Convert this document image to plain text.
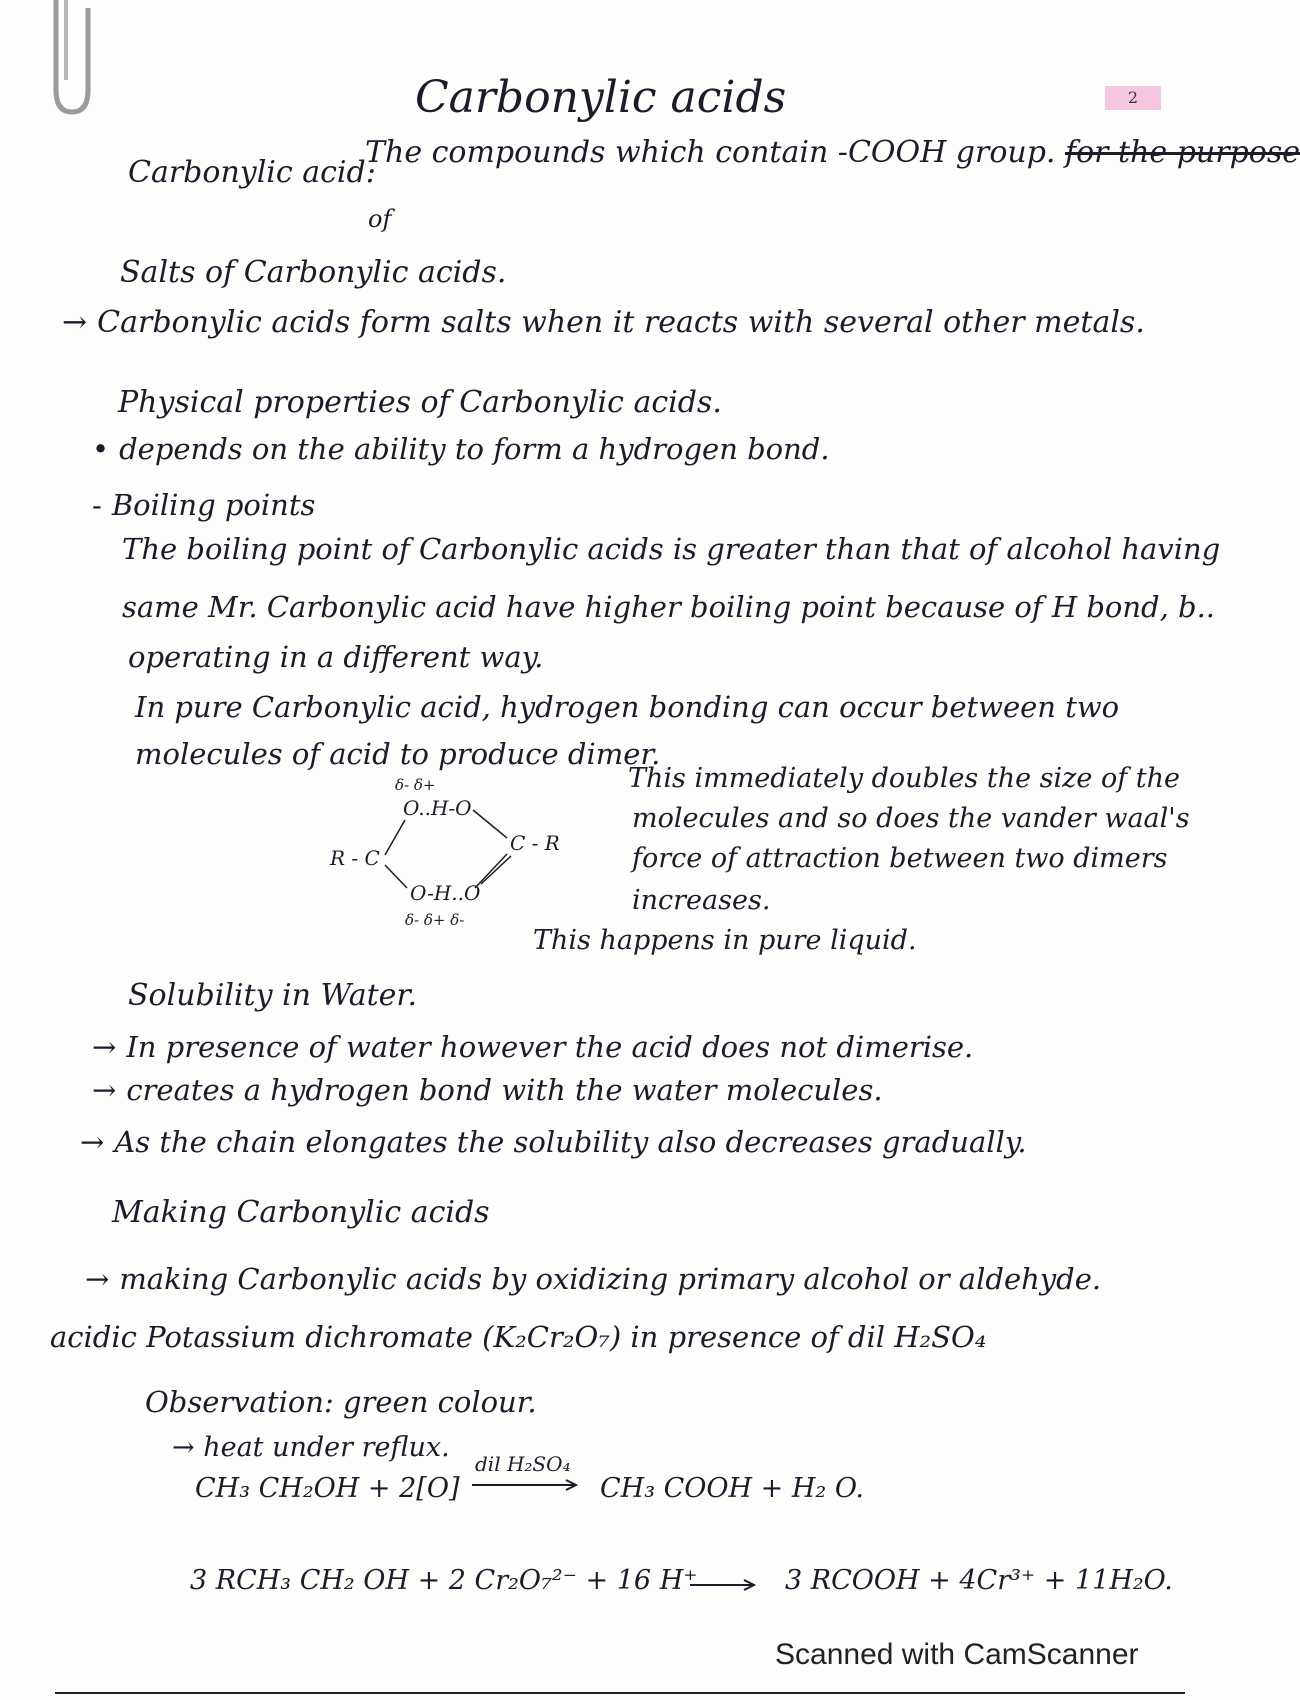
Carbonylic acids	2
Carbonylic acid:
The compounds which contain -COOH group. for the purpose
of
Salts of Carbonylic acids.
→ Carbonylic acids form salts when it reacts with several other metals.
Physical properties of Carbonylic acids.
• depends on the ability to form a hydrogen bond.
- Boiling points
The boiling point of Carbonylic acids is greater than that of alcohol having
same Mr. Carbonylic acid have higher boiling point because of H bond, b..
operating in a different way.
In pure Carbonylic acid, hydrogen bonding can occur between two
molecules of acid to produce dimer.
δ- δ+
O..H-O
R - C
C - R
O-H..O
δ- δ+ δ-
This immediately doubles the size of the
molecules and so does the vander waal's
force of attraction between two dimers
increases.
This happens in pure liquid.
Solubility in Water.
→ In presence of water however the acid does not dimerise.
→ creates a hydrogen bond with the water molecules.
→ As the chain elongates the solubility also decreases gradually.
Making Carbonylic acids
→ making Carbonylic acids by oxidizing primary alcohol or aldehyde.
acidic Potassium dichromate (K₂Cr₂O₇) in presence of dil H₂SO₄
Observation: green colour.
→ heat under reflux.
CH₃ CH₂OH + 2[O]
dil H₂SO₄
CH₃ COOH + H₂ O.
3 RCH₃ CH₂ OH + 2 Cr₂O₇²⁻ + 16 H⁺	3 RCOOH + 4Cr³⁺ + 11H₂O.
Scanned with CamScanner
